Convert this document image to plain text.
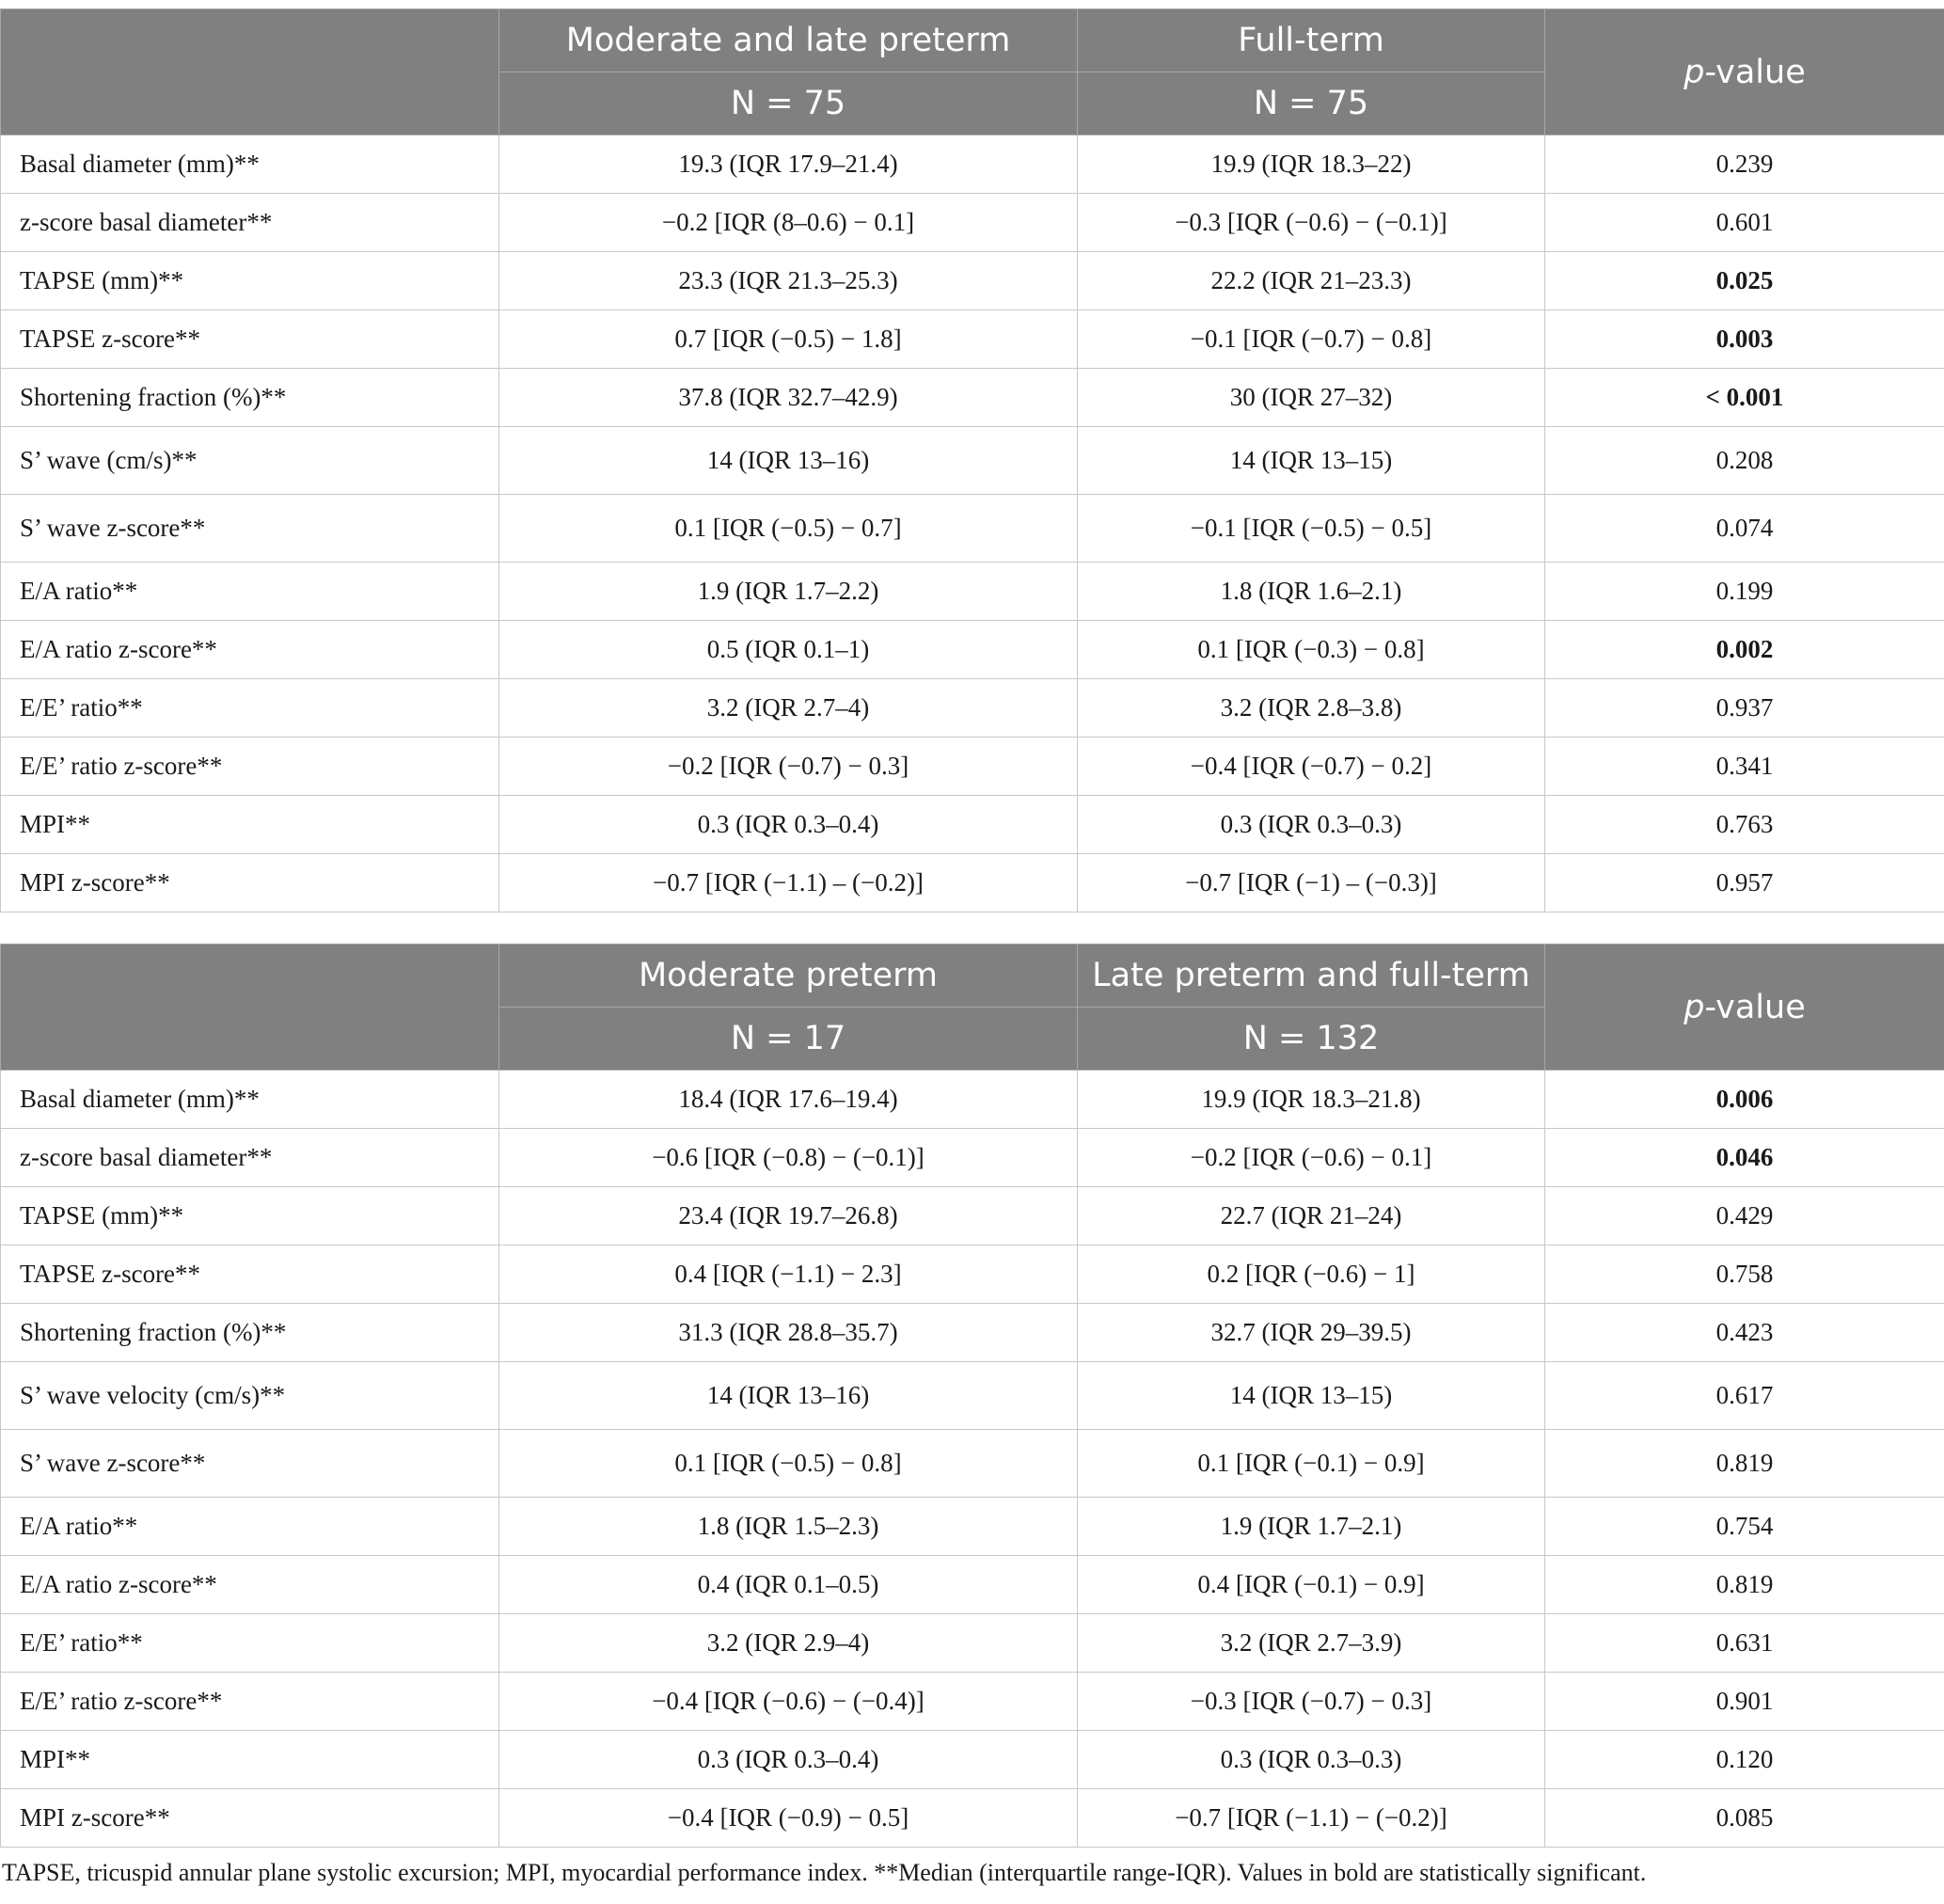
	Moderate and late preterm	Full-term	p-value
	N = 75	N = 75	
Basal diameter (mm)**	19.3 (IQR 17.9–21.4)	19.9 (IQR 18.3–22)	0.239
z-score basal diameter**	−0.2 [IQR (8–0.6) − 0.1]	−0.3 [IQR (−0.6) − (−0.1)]	0.601
TAPSE (mm)**	23.3 (IQR 21.3–25.3)	22.2 (IQR 21–23.3)	0.025
TAPSE z-score**	0.7 [IQR (−0.5) − 1.8]	−0.1 [IQR (−0.7) − 0.8]	0.003
Shortening fraction (%)**	37.8 (IQR 32.7–42.9)	30 (IQR 27–32)	< 0.001
S’ wave (cm/s)**	14 (IQR 13–16)	14 (IQR 13–15)	0.208
S’ wave z-score**	0.1 [IQR (−0.5) − 0.7]	−0.1 [IQR (−0.5) − 0.5]	0.074
E/A ratio**	1.9 (IQR 1.7–2.2)	1.8 (IQR 1.6–2.1)	0.199
E/A ratio z-score**	0.5 (IQR 0.1–1)	0.1 [IQR (−0.3) − 0.8]	0.002
E/E’ ratio**	3.2 (IQR 2.7–4)	3.2 (IQR 2.8–3.8)	0.937
E/E’ ratio z-score**	−0.2 [IQR (−0.7) − 0.3]	−0.4 [IQR (−0.7) − 0.2]	0.341
MPI**	0.3 (IQR 0.3–0.4)	0.3 (IQR 0.3–0.3)	0.763
MPI z-score**	−0.7 [IQR (−1.1) – (−0.2)]	−0.7 [IQR (−1) – (−0.3)]	0.957
	Moderate preterm	Late preterm and full-term	p-value
	N = 17	N = 132	
Basal diameter (mm)**	18.4 (IQR 17.6–19.4)	19.9 (IQR 18.3–21.8)	0.006
z-score basal diameter**	−0.6 [IQR (−0.8) − (−0.1)]	−0.2 [IQR (−0.6) − 0.1]	0.046
TAPSE (mm)**	23.4 (IQR 19.7–26.8)	22.7 (IQR 21–24)	0.429
TAPSE z-score**	0.4 [IQR (−1.1) − 2.3]	0.2 [IQR (−0.6) − 1]	0.758
Shortening fraction (%)**	31.3 (IQR 28.8–35.7)	32.7 (IQR 29–39.5)	0.423
S’ wave velocity (cm/s)**	14 (IQR 13–16)	14 (IQR 13–15)	0.617
S’ wave z-score**	0.1 [IQR (−0.5) − 0.8]	0.1 [IQR (−0.1) − 0.9]	0.819
E/A ratio**	1.8 (IQR 1.5–2.3)	1.9 (IQR 1.7–2.1)	0.754
E/A ratio z-score**	0.4 (IQR 0.1–0.5)	0.4 [IQR (−0.1) − 0.9]	0.819
E/E’ ratio**	3.2 (IQR 2.9–4)	3.2 (IQR 2.7–3.9)	0.631
E/E’ ratio z-score**	−0.4 [IQR (−0.6) − (−0.4)]	−0.3 [IQR (−0.7) − 0.3]	0.901
MPI**	0.3 (IQR 0.3–0.4)	0.3 (IQR 0.3–0.3)	0.120
MPI z-score**	−0.4 [IQR (−0.9) − 0.5]	−0.7 [IQR (−1.1) − (−0.2)]	0.085
TAPSE, tricuspid annular plane systolic excursion; MPI, myocardial performance index. **Median (interquartile range-IQR). Values in bold are statistically significant.
